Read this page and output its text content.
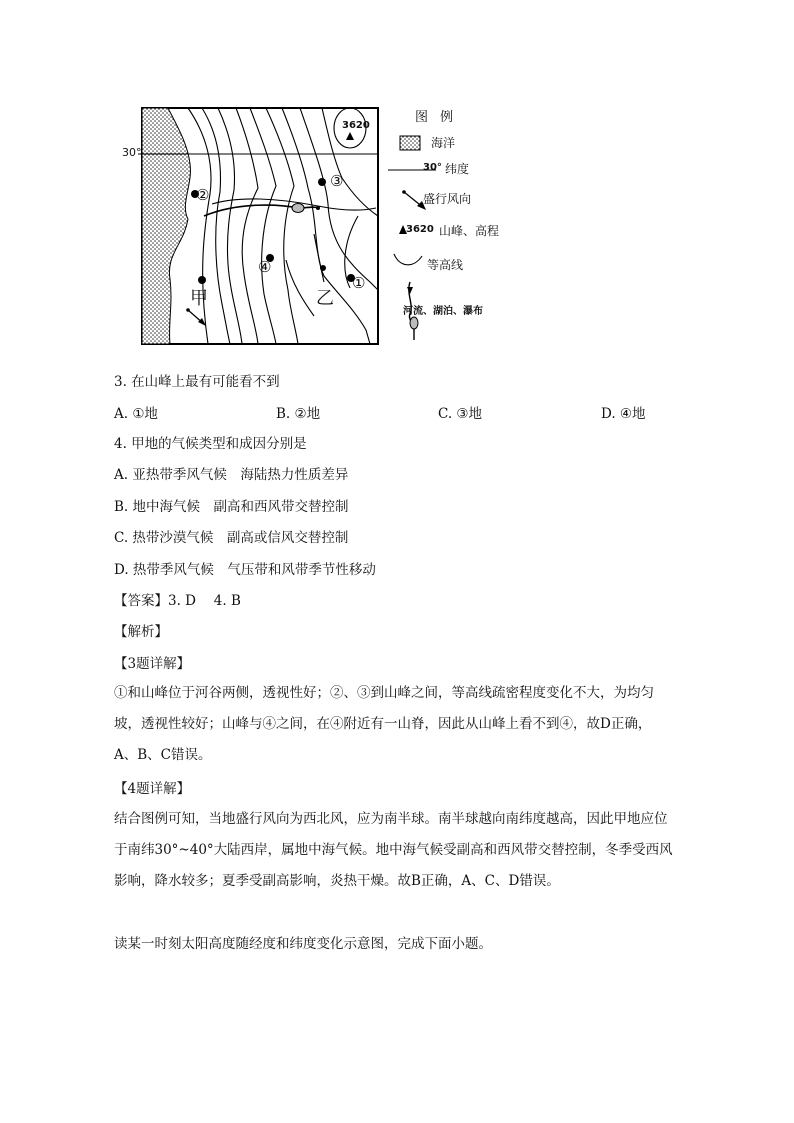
30°
3620
②
③
④
①
甲	乙
图例
海洋
30° 纬度
盛行风向
3620 山峰、高程
等高线
河流、湖泊、瀑布
3. 在山峰上最有可能看不到
A. ①地	B. ②地	C. ③地	D. ④地
4. 甲地的气候类型和成因分别是
A. 亚热带季风气候　海陆热力性质差异
B. 地中海气候　副高和西风带交替控制
C. 热带沙漠气候　副高或信风交替控制
D. 热带季风气候　气压带和风带季节性移动
【答案】3. D　 4. B
【解析】
【3题详解】
①和山峰位于河谷两侧，透视性好；②、③到山峰之间，等高线疏密程度变化不大，为均匀坡，透视性较好；山峰与④之间，在④附近有一山脊，因此从山峰上看不到④，故D正确，A、B、C错误。
【4题详解】
结合图例可知，当地盛行风向为西北风，应为南半球。南半球越向南纬度越高，因此甲地应位于南纬30°~40°大陆西岸，属地中海气候。地中海气候受副高和西风带交替控制，冬季受西风影响，降水较多；夏季受副高影响，炎热干燥。故B正确，A、C、D错误。
读某一时刻太阳高度随经度和纬度变化示意图，完成下面小题。
